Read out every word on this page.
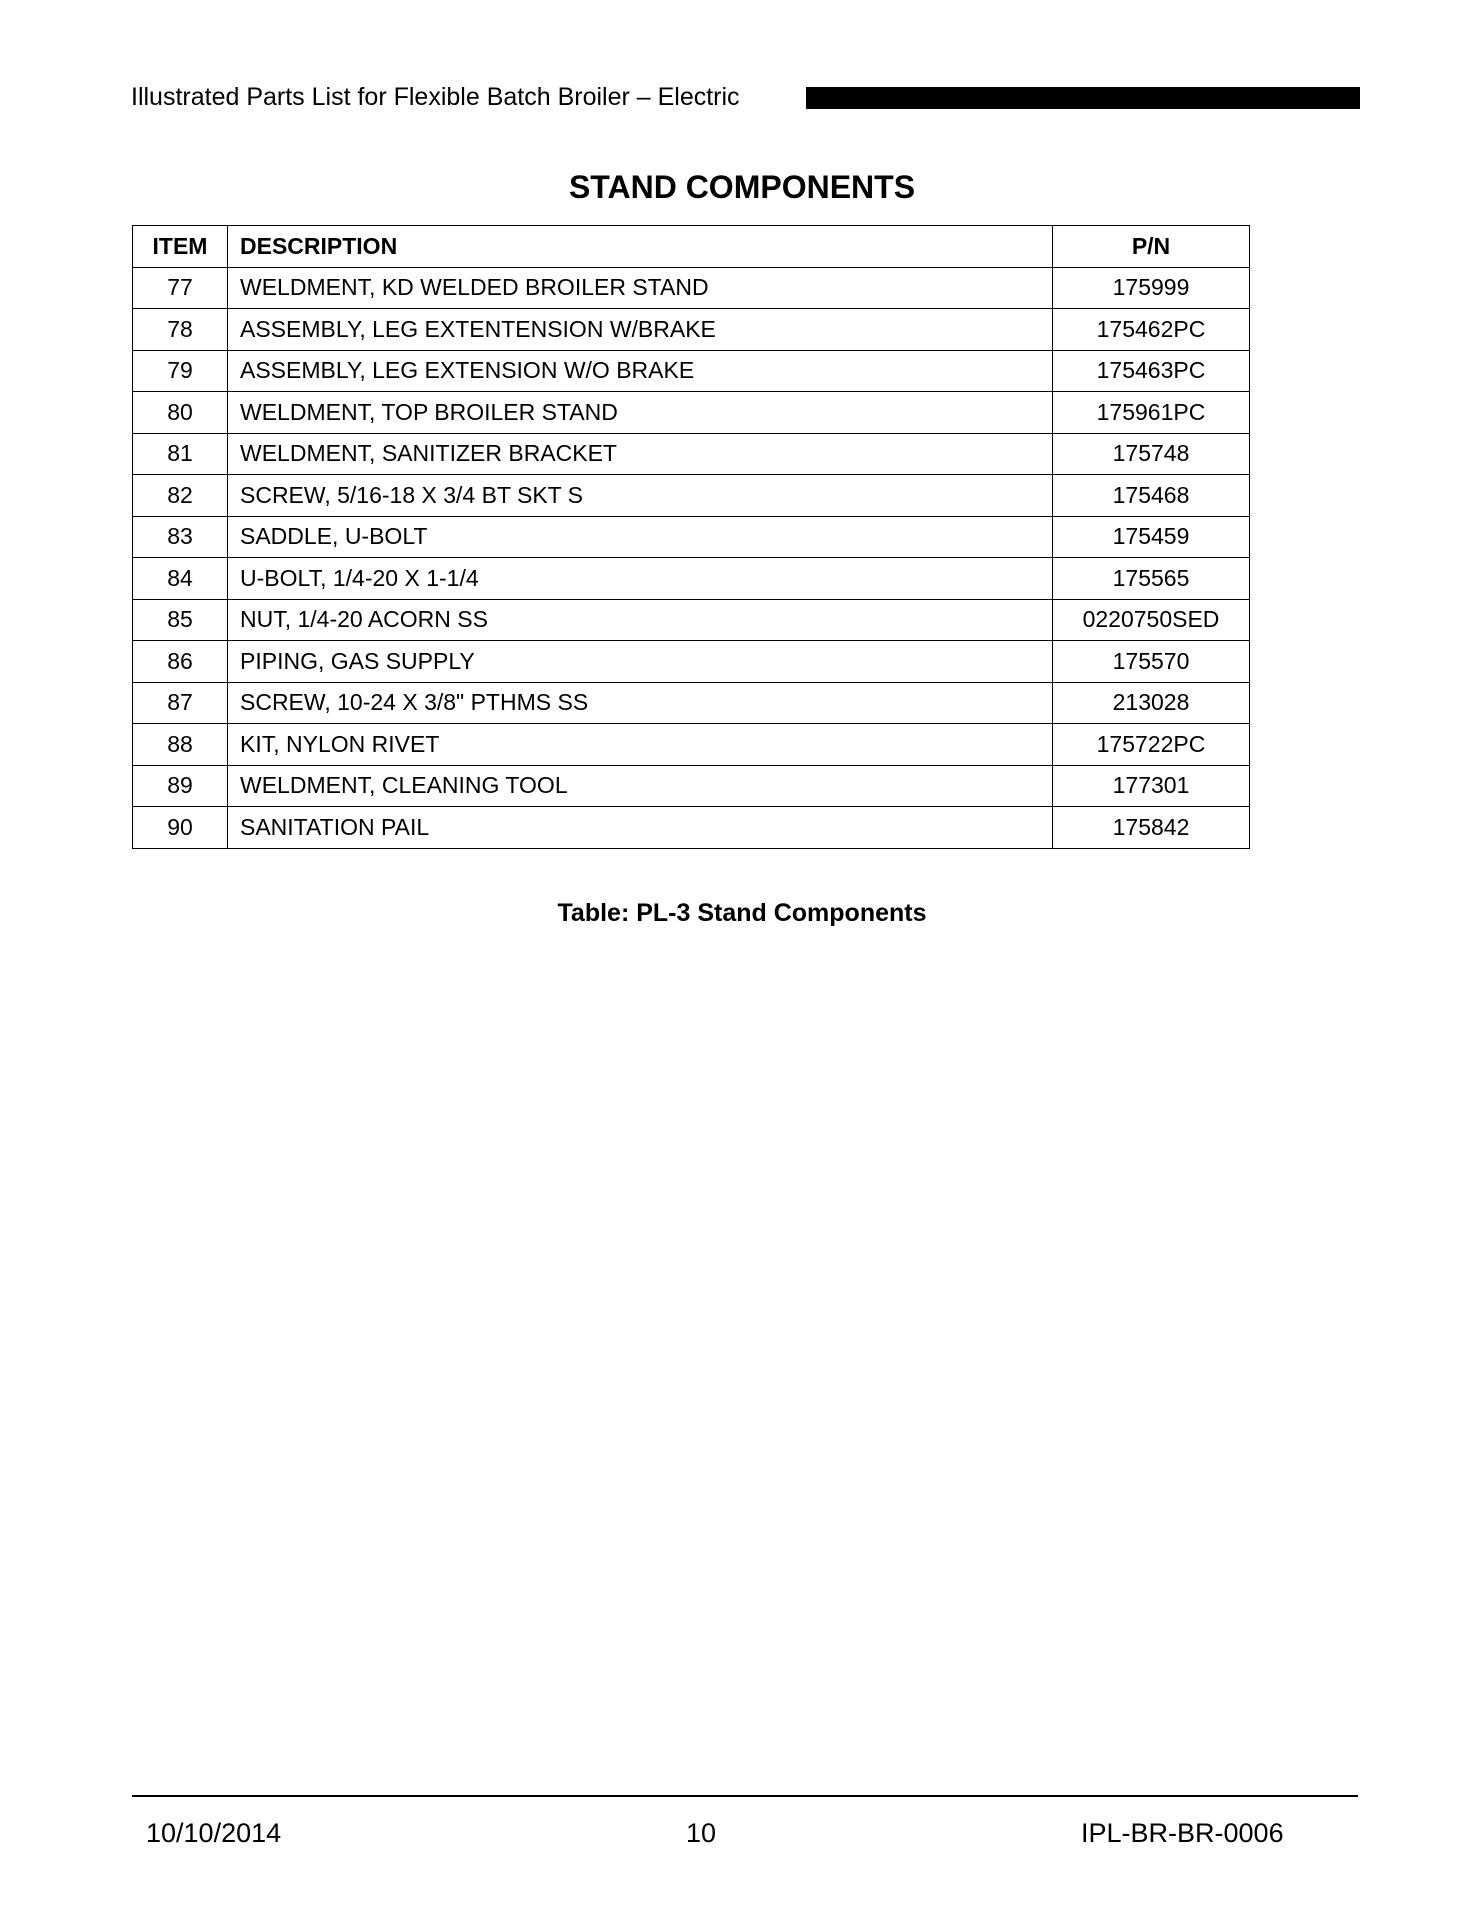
Illustrated Parts List for Flexible Batch Broiler – Electric
STAND COMPONENTS
ITEM	DESCRIPTION	P/N
77	WELDMENT, KD WELDED BROILER STAND	175999
78	ASSEMBLY, LEG EXTENTENSION W/BRAKE	175462PC
79	ASSEMBLY, LEG EXTENSION W/O BRAKE	175463PC
80	WELDMENT, TOP BROILER STAND	175961PC
81	WELDMENT, SANITIZER BRACKET	175748
82	SCREW, 5/16-18 X 3/4 BT SKT S	175468
83	SADDLE, U-BOLT	175459
84	U-BOLT, 1/4-20 X 1-1/4	175565
85	NUT, 1/4-20 ACORN SS	0220750SED
86	PIPING, GAS SUPPLY	175570
87	SCREW, 10-24 X 3/8" PTHMS SS	213028
88	KIT, NYLON RIVET	175722PC
89	WELDMENT, CLEANING TOOL	177301
90	SANITATION PAIL	175842
Table: PL-3 Stand Components
10/10/2014	10	IPL-BR-BR-0006
